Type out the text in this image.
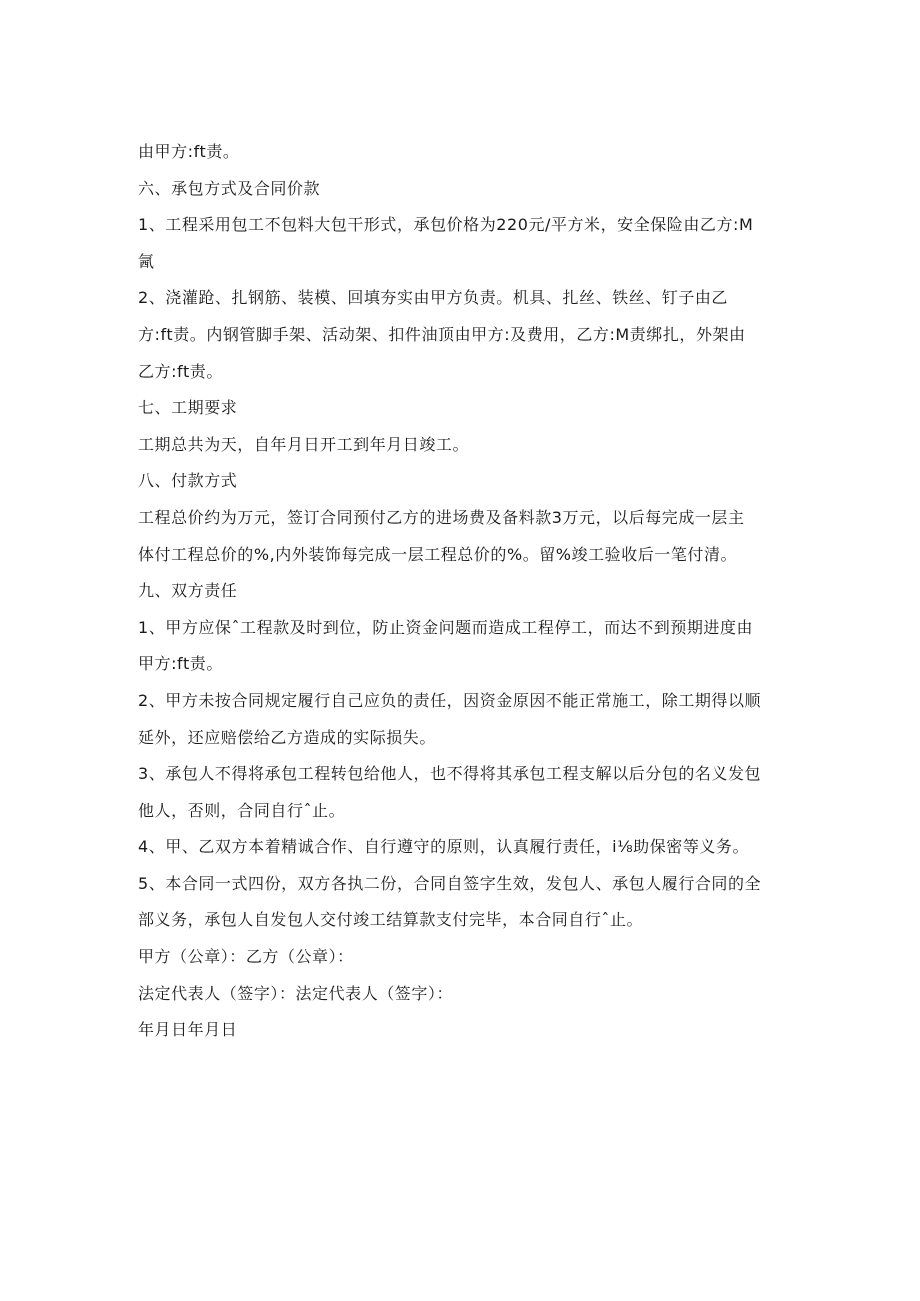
由甲方:ft责。
六、承包方式及合同价款
1、工程采用包工不包料大包干形式，承包价格为220元/平方米，安全保险由乙方:M
氥
2、浇灌跄、扎钢筋、装模、回填夯实由甲方负责。机具、扎丝、铁丝、钉子由乙
方:ft责。内钢管脚手架、活动架、扣件油顶由甲方:及费用，乙方:M责绑扎，外架由
乙方:ft责。
七、工期要求
工期总共为天，自年月日开工到年月日竣工。
八、付款方式
工程总价约为万元，签订合同预付乙方的进场费及备料款3万元，以后每完成一层主
体付工程总价的%,内外装饰每完成一层工程总价的%。留%竣工验收后一笔付清。
九、双方责任
1、甲方应保ˆ工程款及时到位，防止资金问题而造成工程停工，而达不到预期进度由
甲方:ft责。
2、甲方未按合同规定履行自己应负的责任，因资金原因不能正常施工，除工期得以顺
延外，还应赔偿给乙方造成的实际损失。
3、承包人不得将承包工程转包给他人，也不得将其承包工程支解以后分包的名义发包
他人，否则，合同自行ˆ止。
4、甲、乙双方本着精诚合作、自行遵守的原则，认真履行责任，i⅛助保密等义务。
5、本合同一式四份，双方各执二份，合同自签字生效，发包人、承包人履行合同的全
部义务，承包人自发包人交付竣工结算款支付完毕，本合同自行ˆ止。
甲方（公章）：乙方（公章）：
法定代表人（签字）：法定代表人（签字）：
年月日年月日
